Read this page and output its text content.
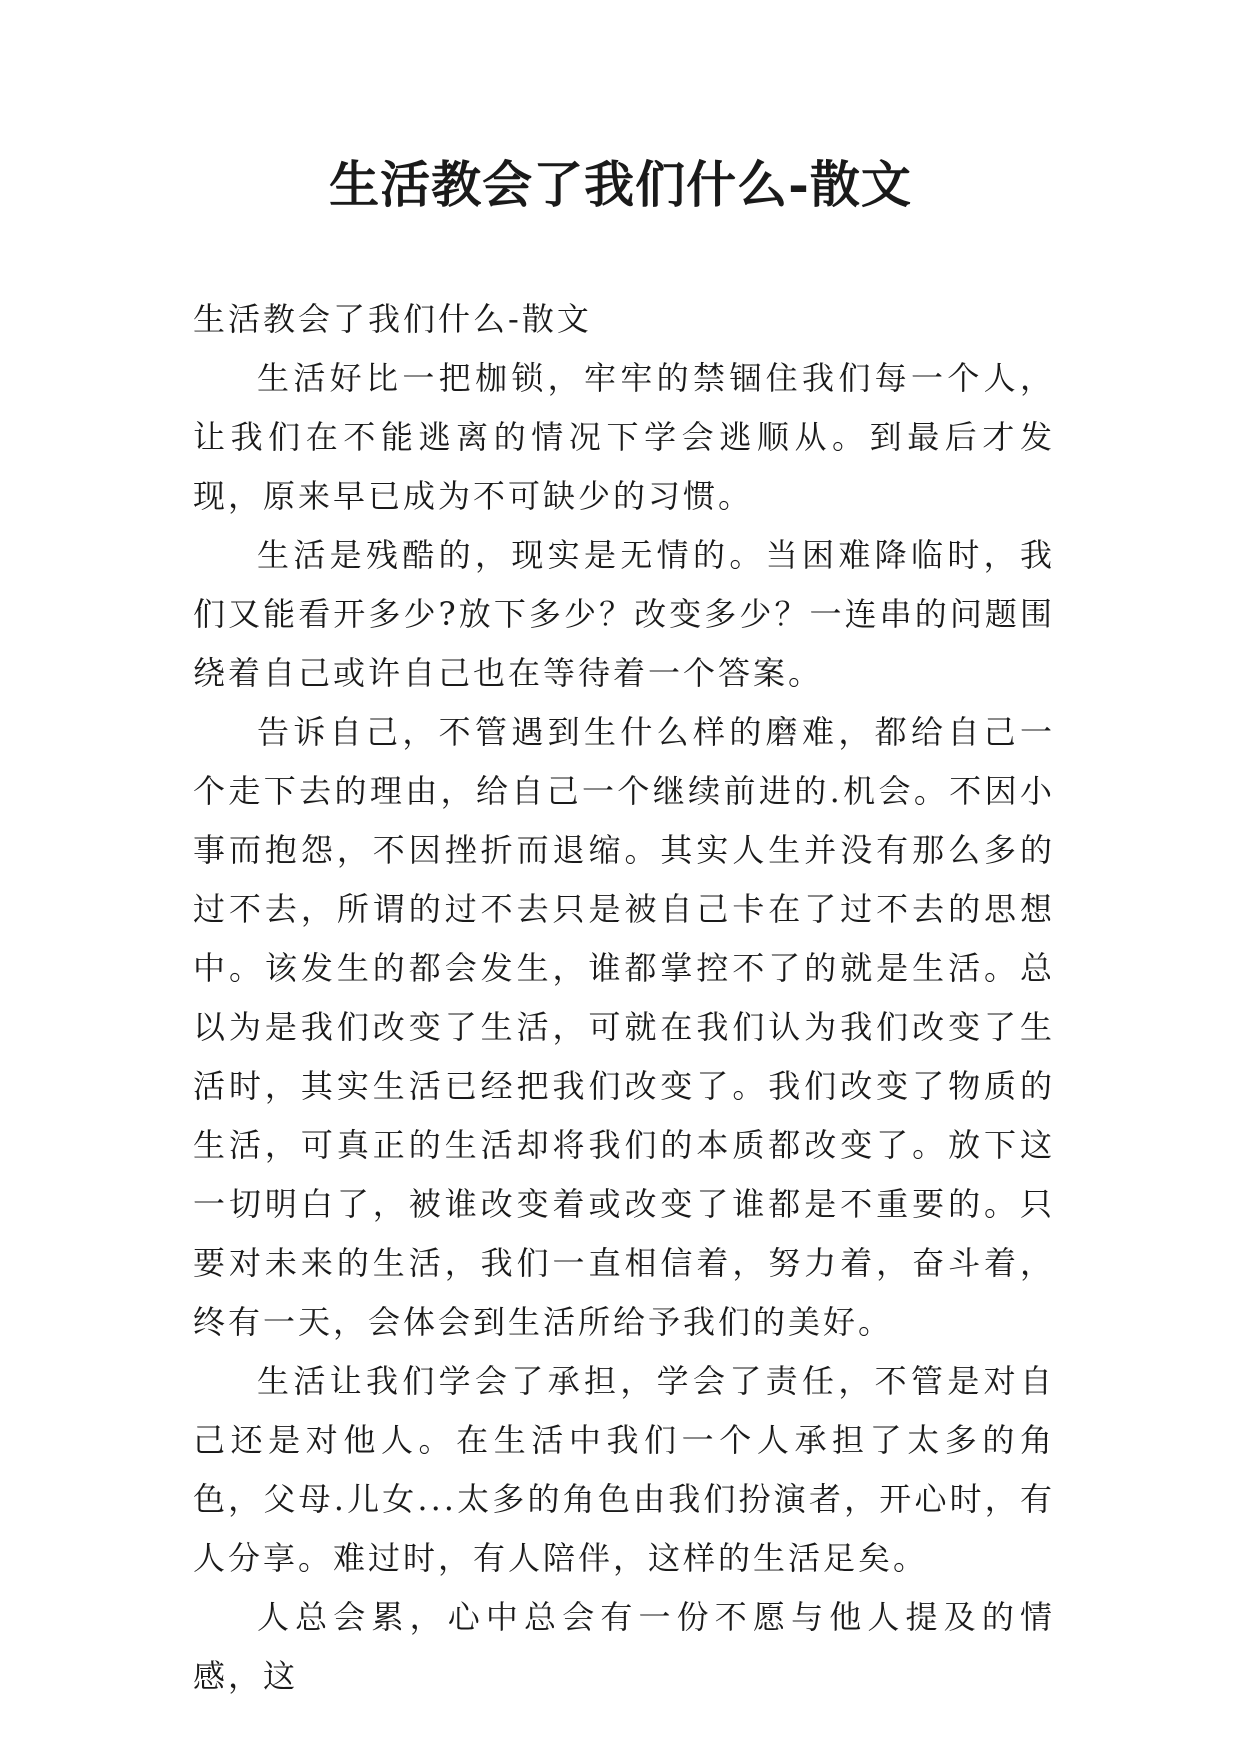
生活教会了我们什么-散文

生活教会了我们什么-散文

生活好比一把枷锁，牢牢的禁锢住我们每一个人，让我们在不能逃离的情况下学会逃顺从。到最后才发现，原来早已成为不可缺少的习惯。

生活是残酷的，现实是无情的。当困难降临时，我们又能看开多少?放下多少？改变多少？一连串的问题围绕着自己或许自己也在等待着一个答案。

告诉自己，不管遇到生什么样的磨难，都给自己一个走下去的理由，给自己一个继续前进的.机会。不因小事而抱怨，不因挫折而退缩。其实人生并没有那么多的过不去，所谓的过不去只是被自己卡在了过不去的思想中。该发生的都会发生，谁都掌控不了的就是生活。总以为是我们改变了生活，可就在我们认为我们改变了生活时，其实生活已经把我们改变了。我们改变了物质的生活，可真正的生活却将我们的本质都改变了。放下这一切明白了，被谁改变着或改变了谁都是不重要的。只要对未来的生活，我们一直相信着，努力着，奋斗着，终有一天，会体会到生活所给予我们的美好。

生活让我们学会了承担，学会了责任，不管是对自己还是对他人。在生活中我们一个人承担了太多的角色，父母.儿女...太多的角色由我们扮演者，开心时，有人分享。难过时，有人陪伴，这样的生活足矣。

人总会累，心中总会有一份不愿与他人提及的情感，这
